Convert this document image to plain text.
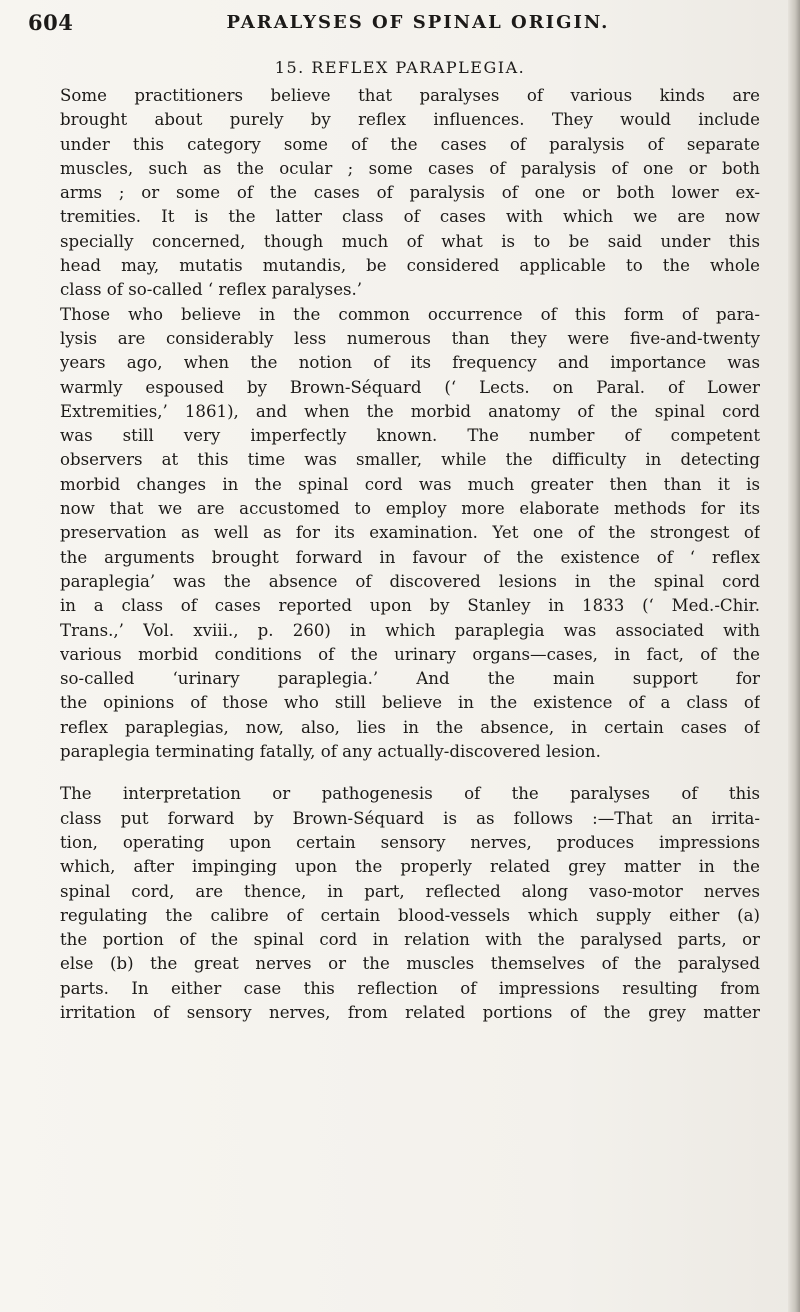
604	PARALYSES OF SPINAL ORIGIN.
15. REFLEX PARAPLEGIA.
Some practitioners believe that paralyses of various kinds are
brought about purely by reflex influences. They would include
under this category some of the cases of paralysis of separate
muscles, such as the ocular ; some cases of paralysis of one or both
arms ; or some of the cases of paralysis of one or both lower ex-
tremities. It is the latter class of cases with which we are now
specially concerned, though much of what is to be said under this
head may, mutatis mutandis, be considered applicable to the whole
class of so-called ‘ reflex paralyses.’
Those who believe in the common occurrence of this form of para-
lysis are considerably less numerous than they were five-and-twenty
years ago, when the notion of its frequency and importance was
warmly espoused by Brown-Séquard (‘ Lects. on Paral. of Lower
Extremities,’ 1861), and when the morbid anatomy of the spinal cord
was still very imperfectly known. The number of competent
observers at this time was smaller, while the difficulty in detecting
morbid changes in the spinal cord was much greater then than it is
now that we are accustomed to employ more elaborate methods for its
preservation as well as for its examination. Yet one of the strongest of
the arguments brought forward in favour of the existence of ‘ reflex
paraplegia’ was the absence of discovered lesions in the spinal cord
in a class of cases reported upon by Stanley in 1833 (‘ Med.-Chir.
Trans.,’ Vol. xviii., p. 260) in which paraplegia was associated with
various morbid conditions of the urinary organs—cases, in fact, of the
so-called ‘urinary paraplegia.’ And the main support for
the opinions of those who still believe in the existence of a class of
reflex paraplegias, now, also, lies in the absence, in certain cases of
paraplegia terminating fatally, of any actually-discovered lesion.
The interpretation or pathogenesis of the paralyses of this
class put forward by Brown-Séquard is as follows :—That an irrita-
tion, operating upon certain sensory nerves, produces impressions
which, after impinging upon the properly related grey matter in the
spinal cord, are thence, in part, reflected along vaso-motor nerves
regulating the calibre of certain blood-vessels which supply either (a)
the portion of the spinal cord in relation with the paralysed parts, or
else (b) the great nerves or the muscles themselves of the paralysed
parts. In either case this reflection of impressions resulting from
irritation of sensory nerves, from related portions of the grey matter
